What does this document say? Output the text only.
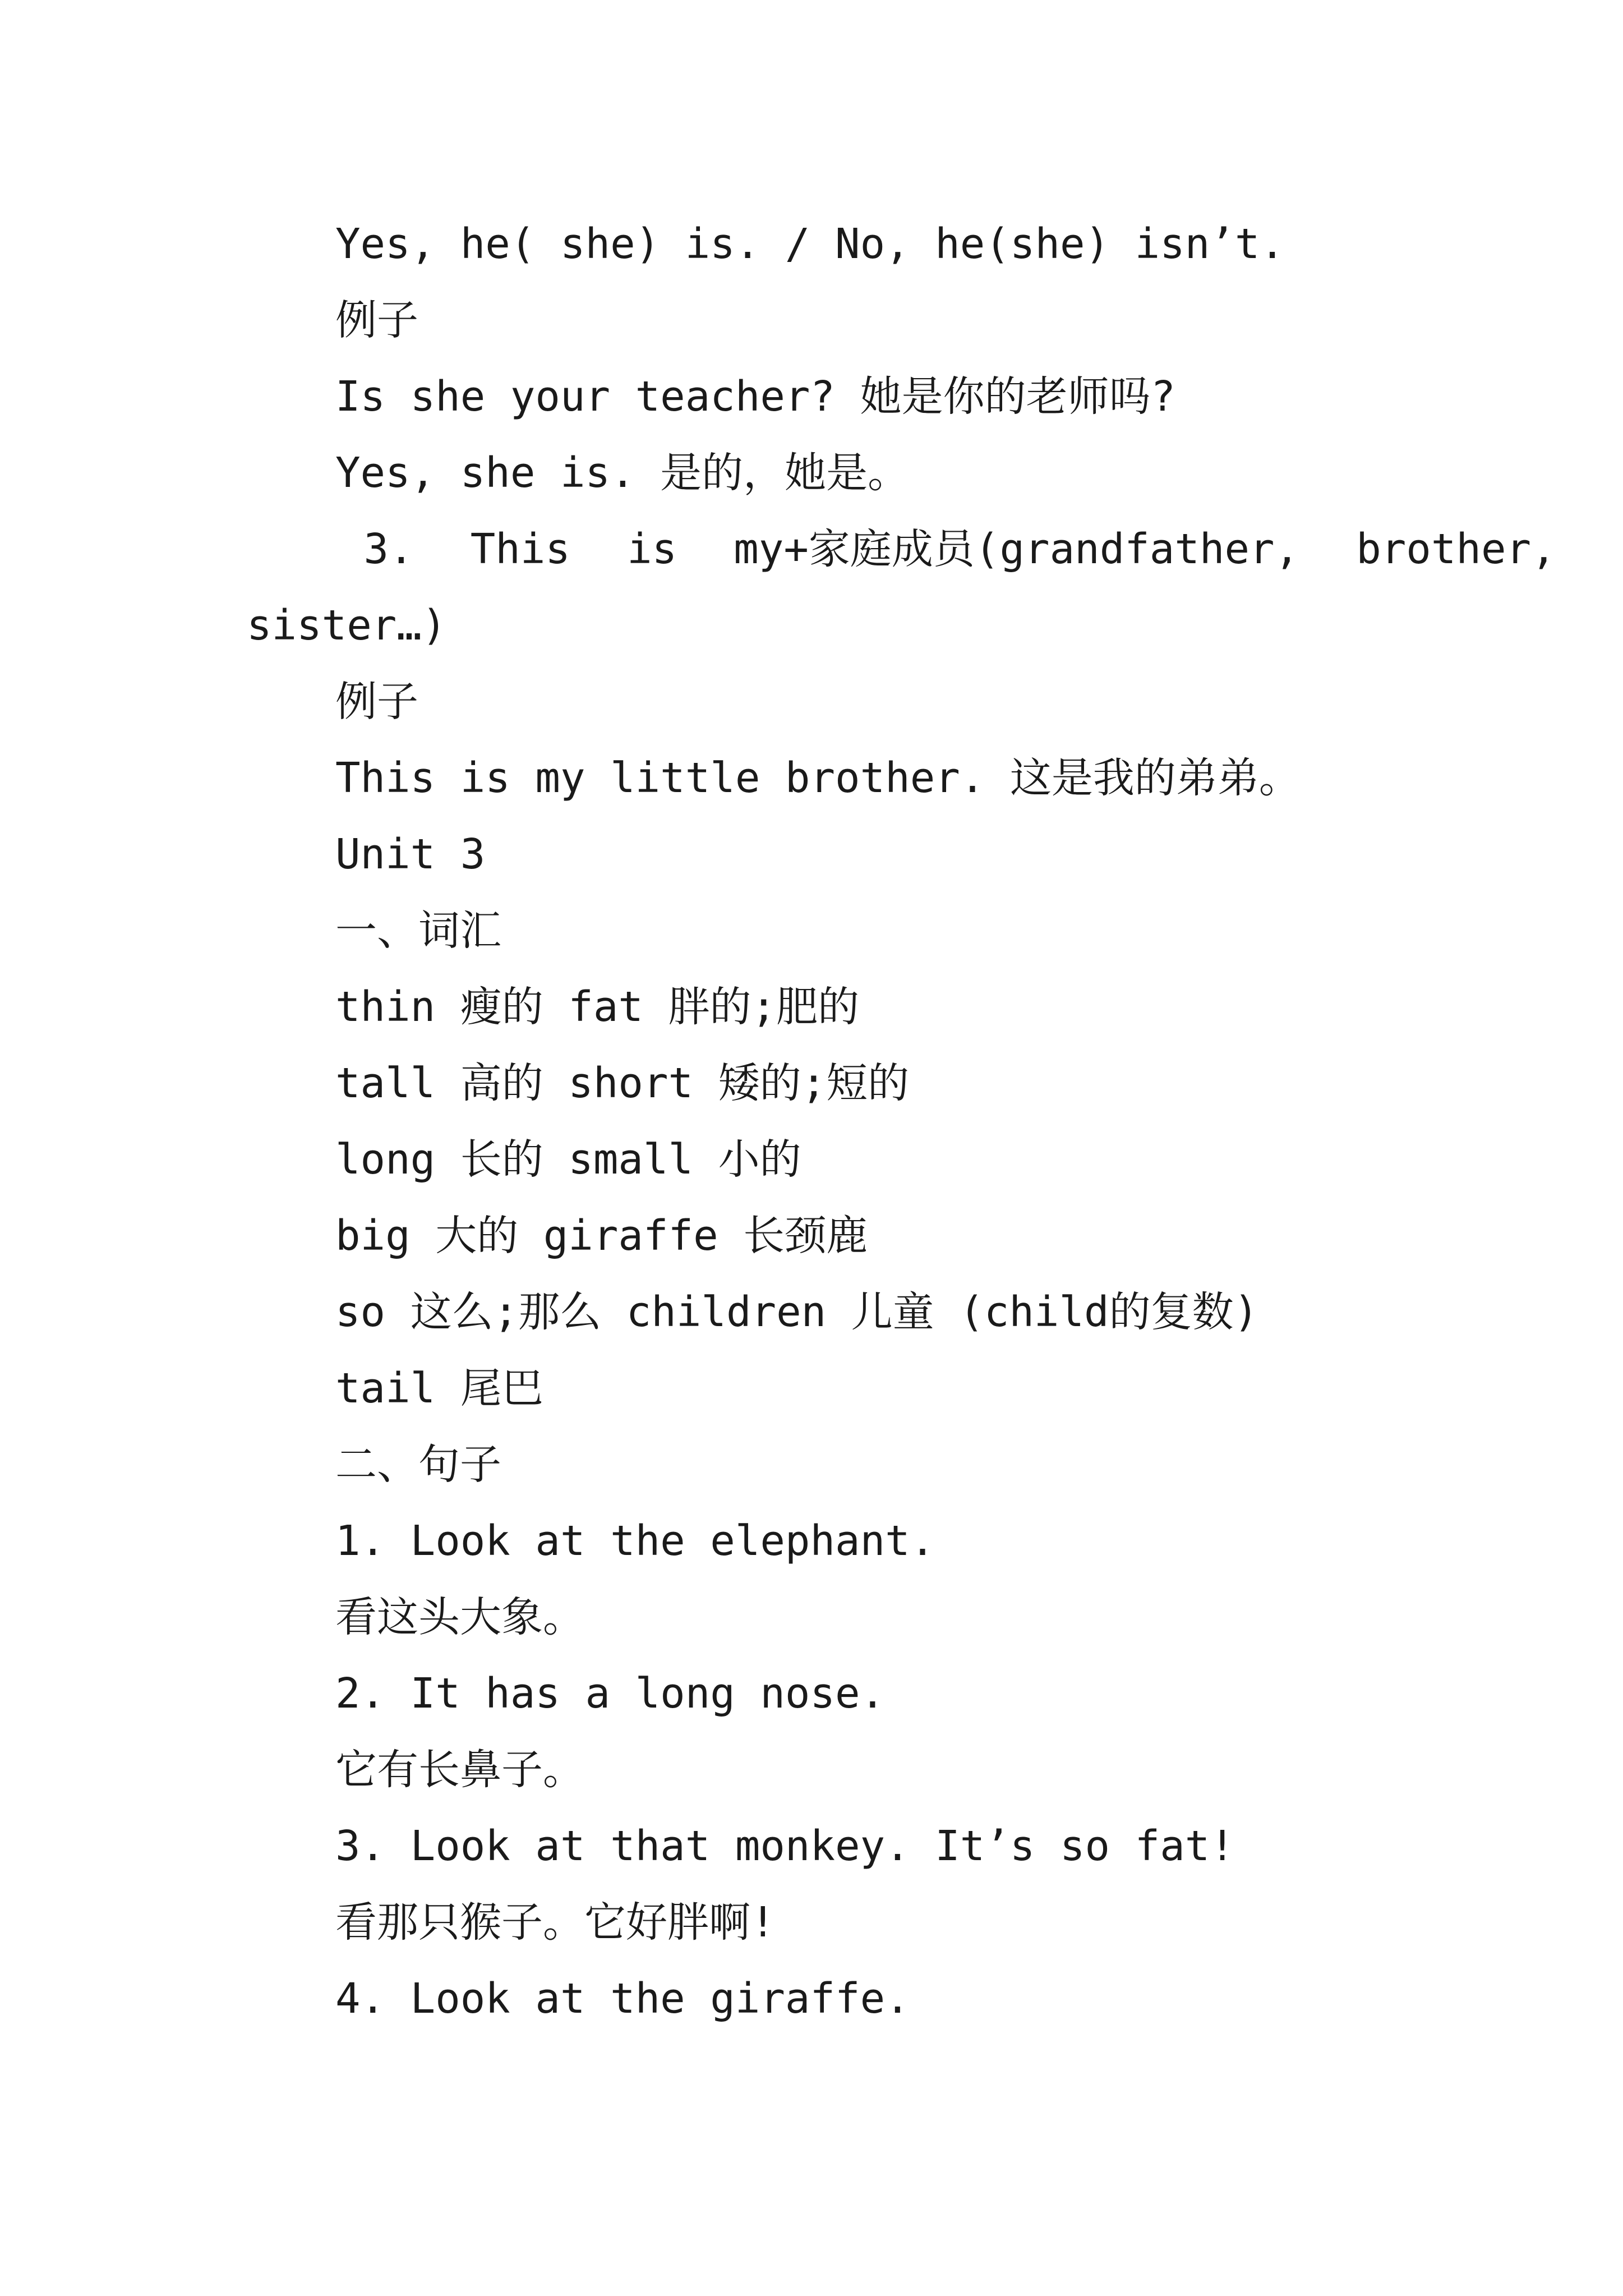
Yes, he( she) is. / No, he(she) isn’t.
例子
Is she your teacher? 她是你的老师吗?
Yes, she is. 是的，她是。
3.  This  is  my+家庭成员(grandfather,  brother,
sister…)
例子
This is my little brother. 这是我的弟弟。
Unit 3
一、词汇
thin 瘦的 fat 胖的;肥的
tall 高的 short 矮的;短的
long 长的 small 小的
big 大的 giraffe 长颈鹿
so 这么;那么 children 儿童 (child的复数)
tail 尾巴
二、句子
1. Look at the elephant.
看这头大象。
2. It has a long nose.
它有长鼻子。
3. Look at that monkey. It’s so fat!
看那只猴子。它好胖啊!
4. Look at the giraffe.
